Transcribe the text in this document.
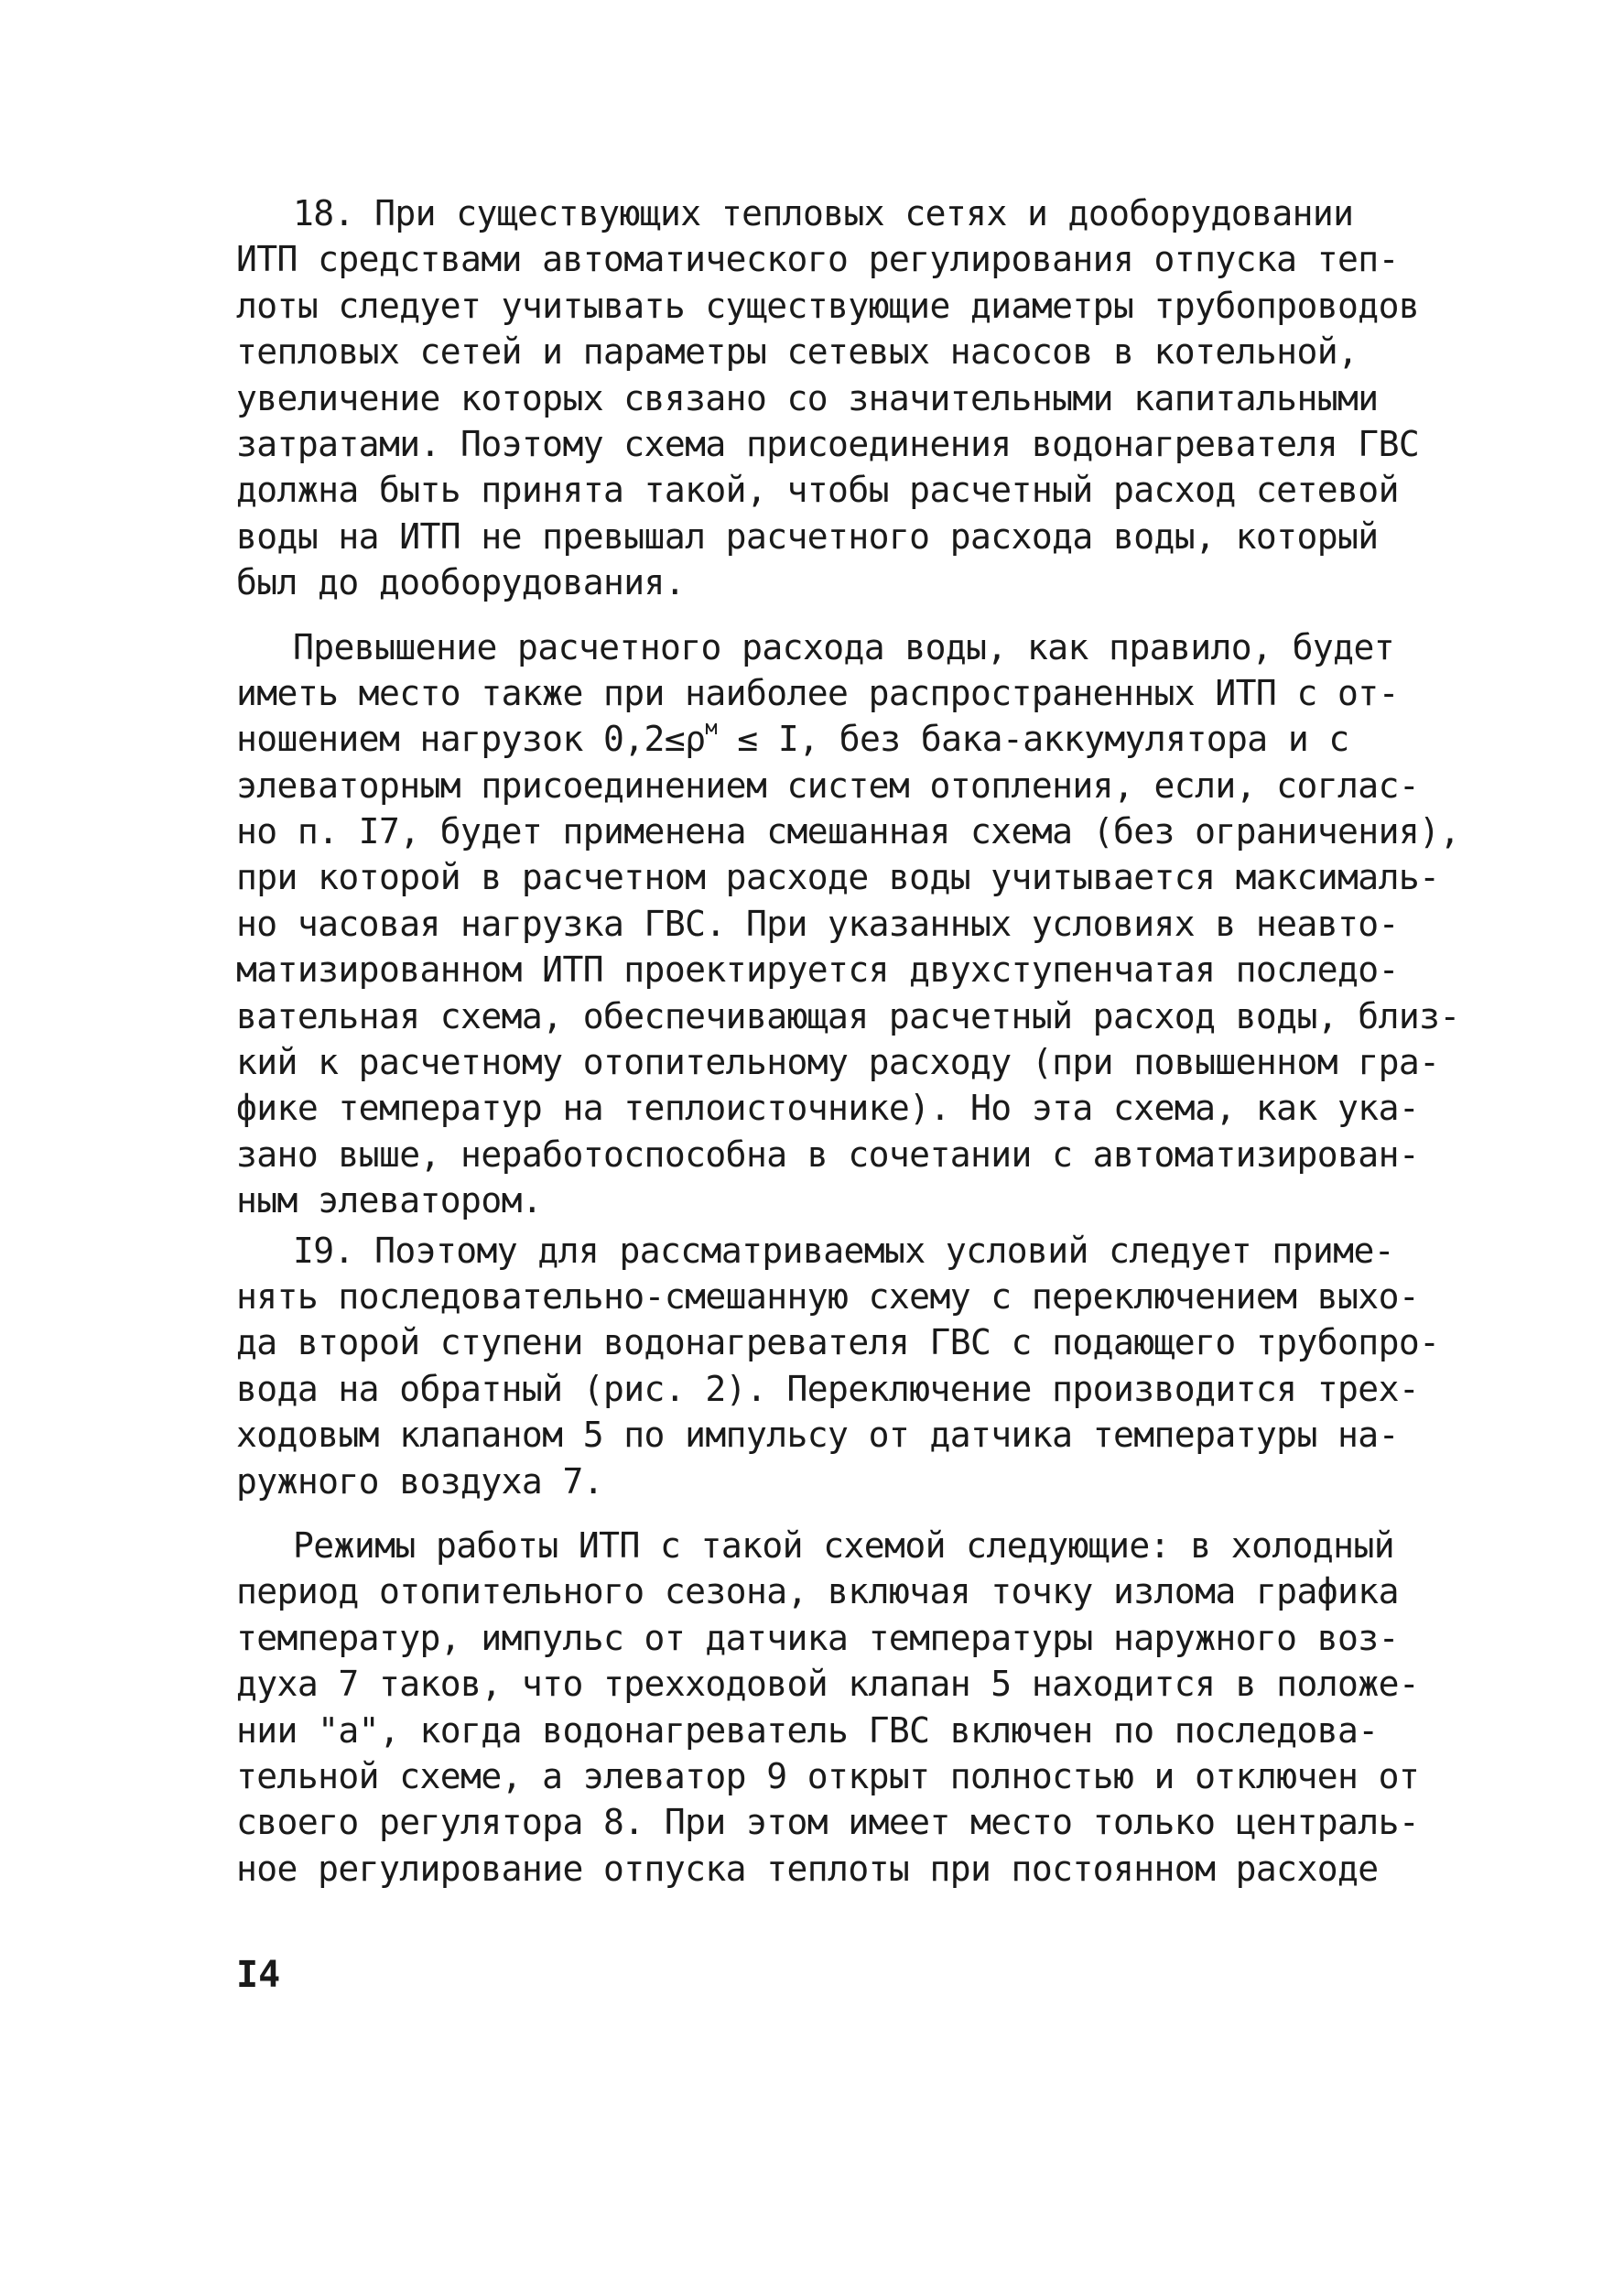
18. При существующих тепловых сетях и дооборудовании
ИТП средствами автоматического регулирования отпуска теп-
лоты следует учитывать существующие диаметры трубопроводов
тепловых сетей и параметры сетевых насосов в котельной,
увеличение которых связано со значительными капитальными
затратами. Поэтому схема присоединения водонагревателя ГВС
должна быть принята такой, чтобы расчетный расход сетевой
воды на ИТП не превышал расчетного расхода воды, который
был до дооборудования.
Превышение расчетного расхода воды, как правило, будет
иметь место также при наиболее распространенных ИТП с от-
ношением нагрузок $0,2\le\rho^м \le I$, без бака-аккумулятора и с
элеваторным присоединением систем отопления, если, соглас-
но п. I7, будет применена смешанная схема (без ограничения),
при которой в расчетном расходе воды учитывается максималь-
но часовая нагрузка ГВС. При указанных условиях в неавто-
матизированном ИТП проектируется двухступенчатая последо-
вательная схема, обеспечивающая расчетный расход воды, близ-
кий к расчетному отопительному расходу (при повышенном гра-
фике температур на теплоисточнике). Но эта схема, как ука-
зано выше, неработоспособна в сочетании с автоматизирован-
ным элеватором.
I9. Поэтому для рассматриваемых условий следует приме-
нять последовательно-смешанную схему с переключением выхо-
да второй ступени водонагревателя ГВС с подающего трубопро-
вода на обратный (рис. 2). Переключение производится трех-
ходовым клапаном 5 по импульсу от датчика температуры на-
ружного воздуха 7.
Режимы работы ИТП с такой схемой следующие: в холодный
период отопительного сезона, включая точку излома графика
температур, импульс от датчика температуры наружного воз-
духа 7 таков, что трехходовой клапан 5 находится в положе-
нии "а", когда водонагреватель ГВС включен по последова-
тельной схеме, а элеватор 9 открыт полностью и отключен от
своего регулятора 8. При этом имеет место только централь-
ное регулирование отпуска теплоты при постоянном расходе
I4
